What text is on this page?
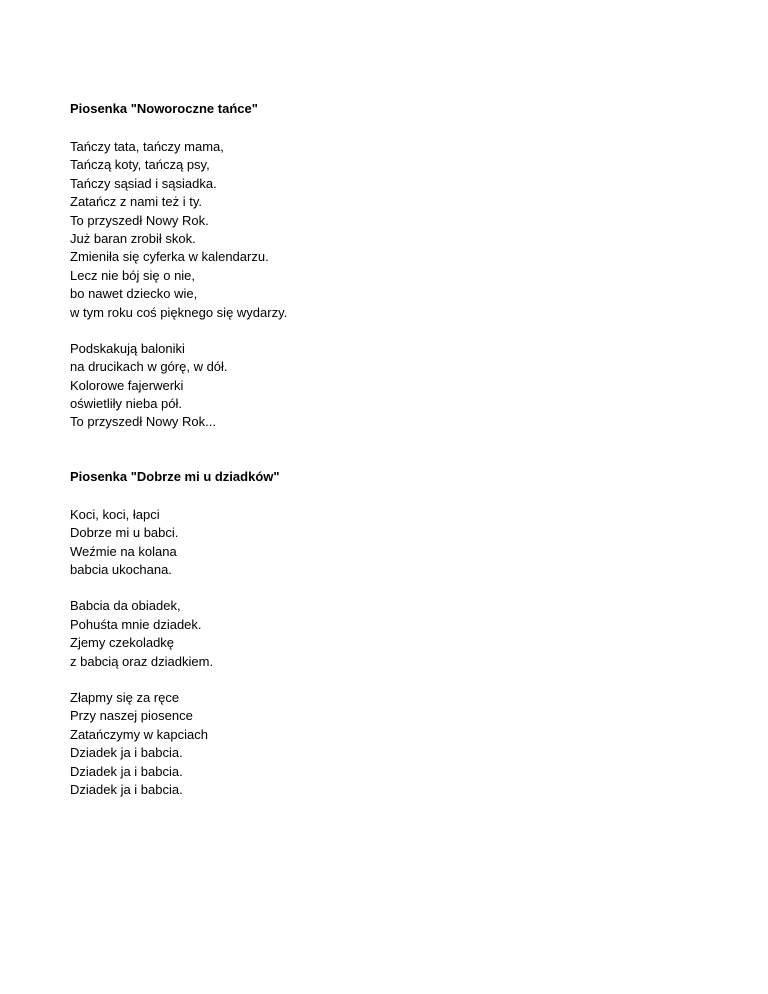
Piosenka "Noworoczne tańce"
Tańczy tata, tańczy mama,
Tańczą koty, tańczą psy,
Tańczy sąsiad i sąsiadka.
Zatańcz z nami też i ty.
To przyszedł Nowy Rok.
Już baran zrobił skok.
Zmieniła się cyferka w kalendarzu.
Lecz nie bój się o nie,
bo nawet dziecko wie,
w tym roku coś pięknego się wydarzy.
Podskakują baloniki
na drucikach w górę, w dół.
Kolorowe fajerwerki
oświetliły nieba pół.
To przyszedł Nowy Rok...
Piosenka "Dobrze mi u dziadków"
Koci, koci, łapci
Dobrze mi u babci.
Weźmie na kolana
babcia ukochana.
Babcia da obiadek,
Pohuśta mnie dziadek.
Zjemy czekoladkę
z babcią oraz dziadkiem.
Złapmy się za ręce
Przy naszej piosence
Zatańczymy w kapciach
Dziadek ja i babcia.
Dziadek ja i babcia.
Dziadek ja i babcia.
